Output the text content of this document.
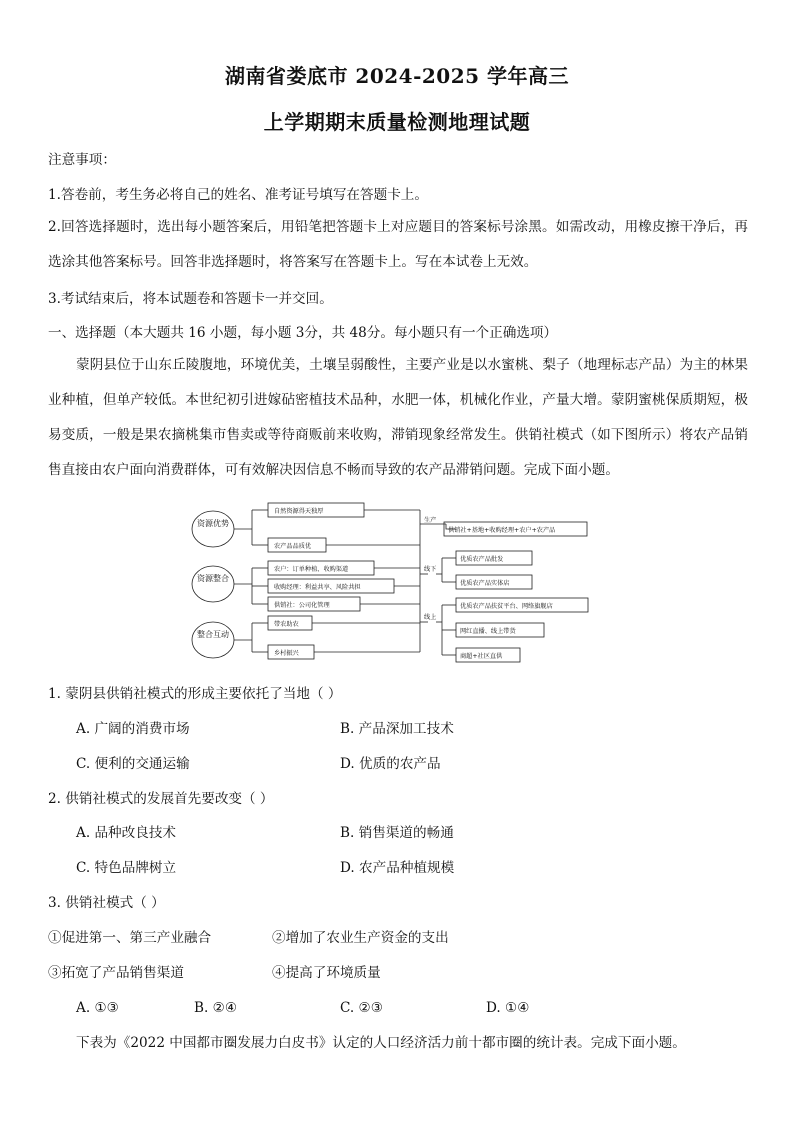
湖南省娄底市 2024-2025 学年高三
上学期期末质量检测地理试题
注意事项：
1.答卷前，考生务必将自己的姓名、准考证号填写在答题卡上。
2.回答选择题时，选出每小题答案后，用铅笔把答题卡上对应题目的答案标号涂黑。如需改动，用橡皮擦干净后，再选涂其他答案标号。回答非选择题时，将答案写在答题卡上。写在本试卷上无效。
3.考试结束后，将本试题卷和答题卡一并交回。
一、选择题（本大题共 16 小题，每小题 3分，共 48分。每小题只有一个正确选项）
蒙阴县位于山东丘陵腹地，环境优美，土壤呈弱酸性，主要产业是以水蜜桃、梨子（地理标志产品）为主的林果业种植，但单产较低。本世纪初引进嫁砧密植技术品种，水肥一体，机械化作业，产量大增。蒙阴蜜桃保质期短，极易变质，一般是果农摘桃集市售卖或等待商贩前来收购，滞销现象经常发生。供销社模式（如下图所示）将农产品销售直接由农户面向消费群体，可有效解决因信息不畅而导致的农产品滞销问题。完成下面小题。
资源优势
资源整合
整合互动
自然资源得天独厚
农产品品质优
农户：订单种植、收购渠道
收购经理：利益共享、风险共担
供销社：公司化管理
带农助农
乡村振兴
生产
线下
线上
供销社+基地+收购经理+农户+农产品
优质农产品批发
优质农产品实体店
优质农产品扶贫平台、网络旗舰店
网红直播、线上带货
商超+社区直供
1. 蒙阴县供销社模式的形成主要依托了当地（ ）
A. 广阔的消费市场	B. 产品深加工技术
C. 便利的交通运输	D. 优质的农产品
2. 供销社模式的发展首先要改变（ ）
A. 品种改良技术	B. 销售渠道的畅通
C. 特色品牌树立	D. 农产品种植规模
3. 供销社模式（ ）
①促进第一、第三产业融合	②增加了农业生产资金的支出
③拓宽了产品销售渠道	④提高了环境质量
A. ①③	B. ②④	C. ②③	D. ①④
下表为《2022 中国都市圈发展力白皮书》认定的人口经济活力前十都市圈的统计表。完成下面小题。
